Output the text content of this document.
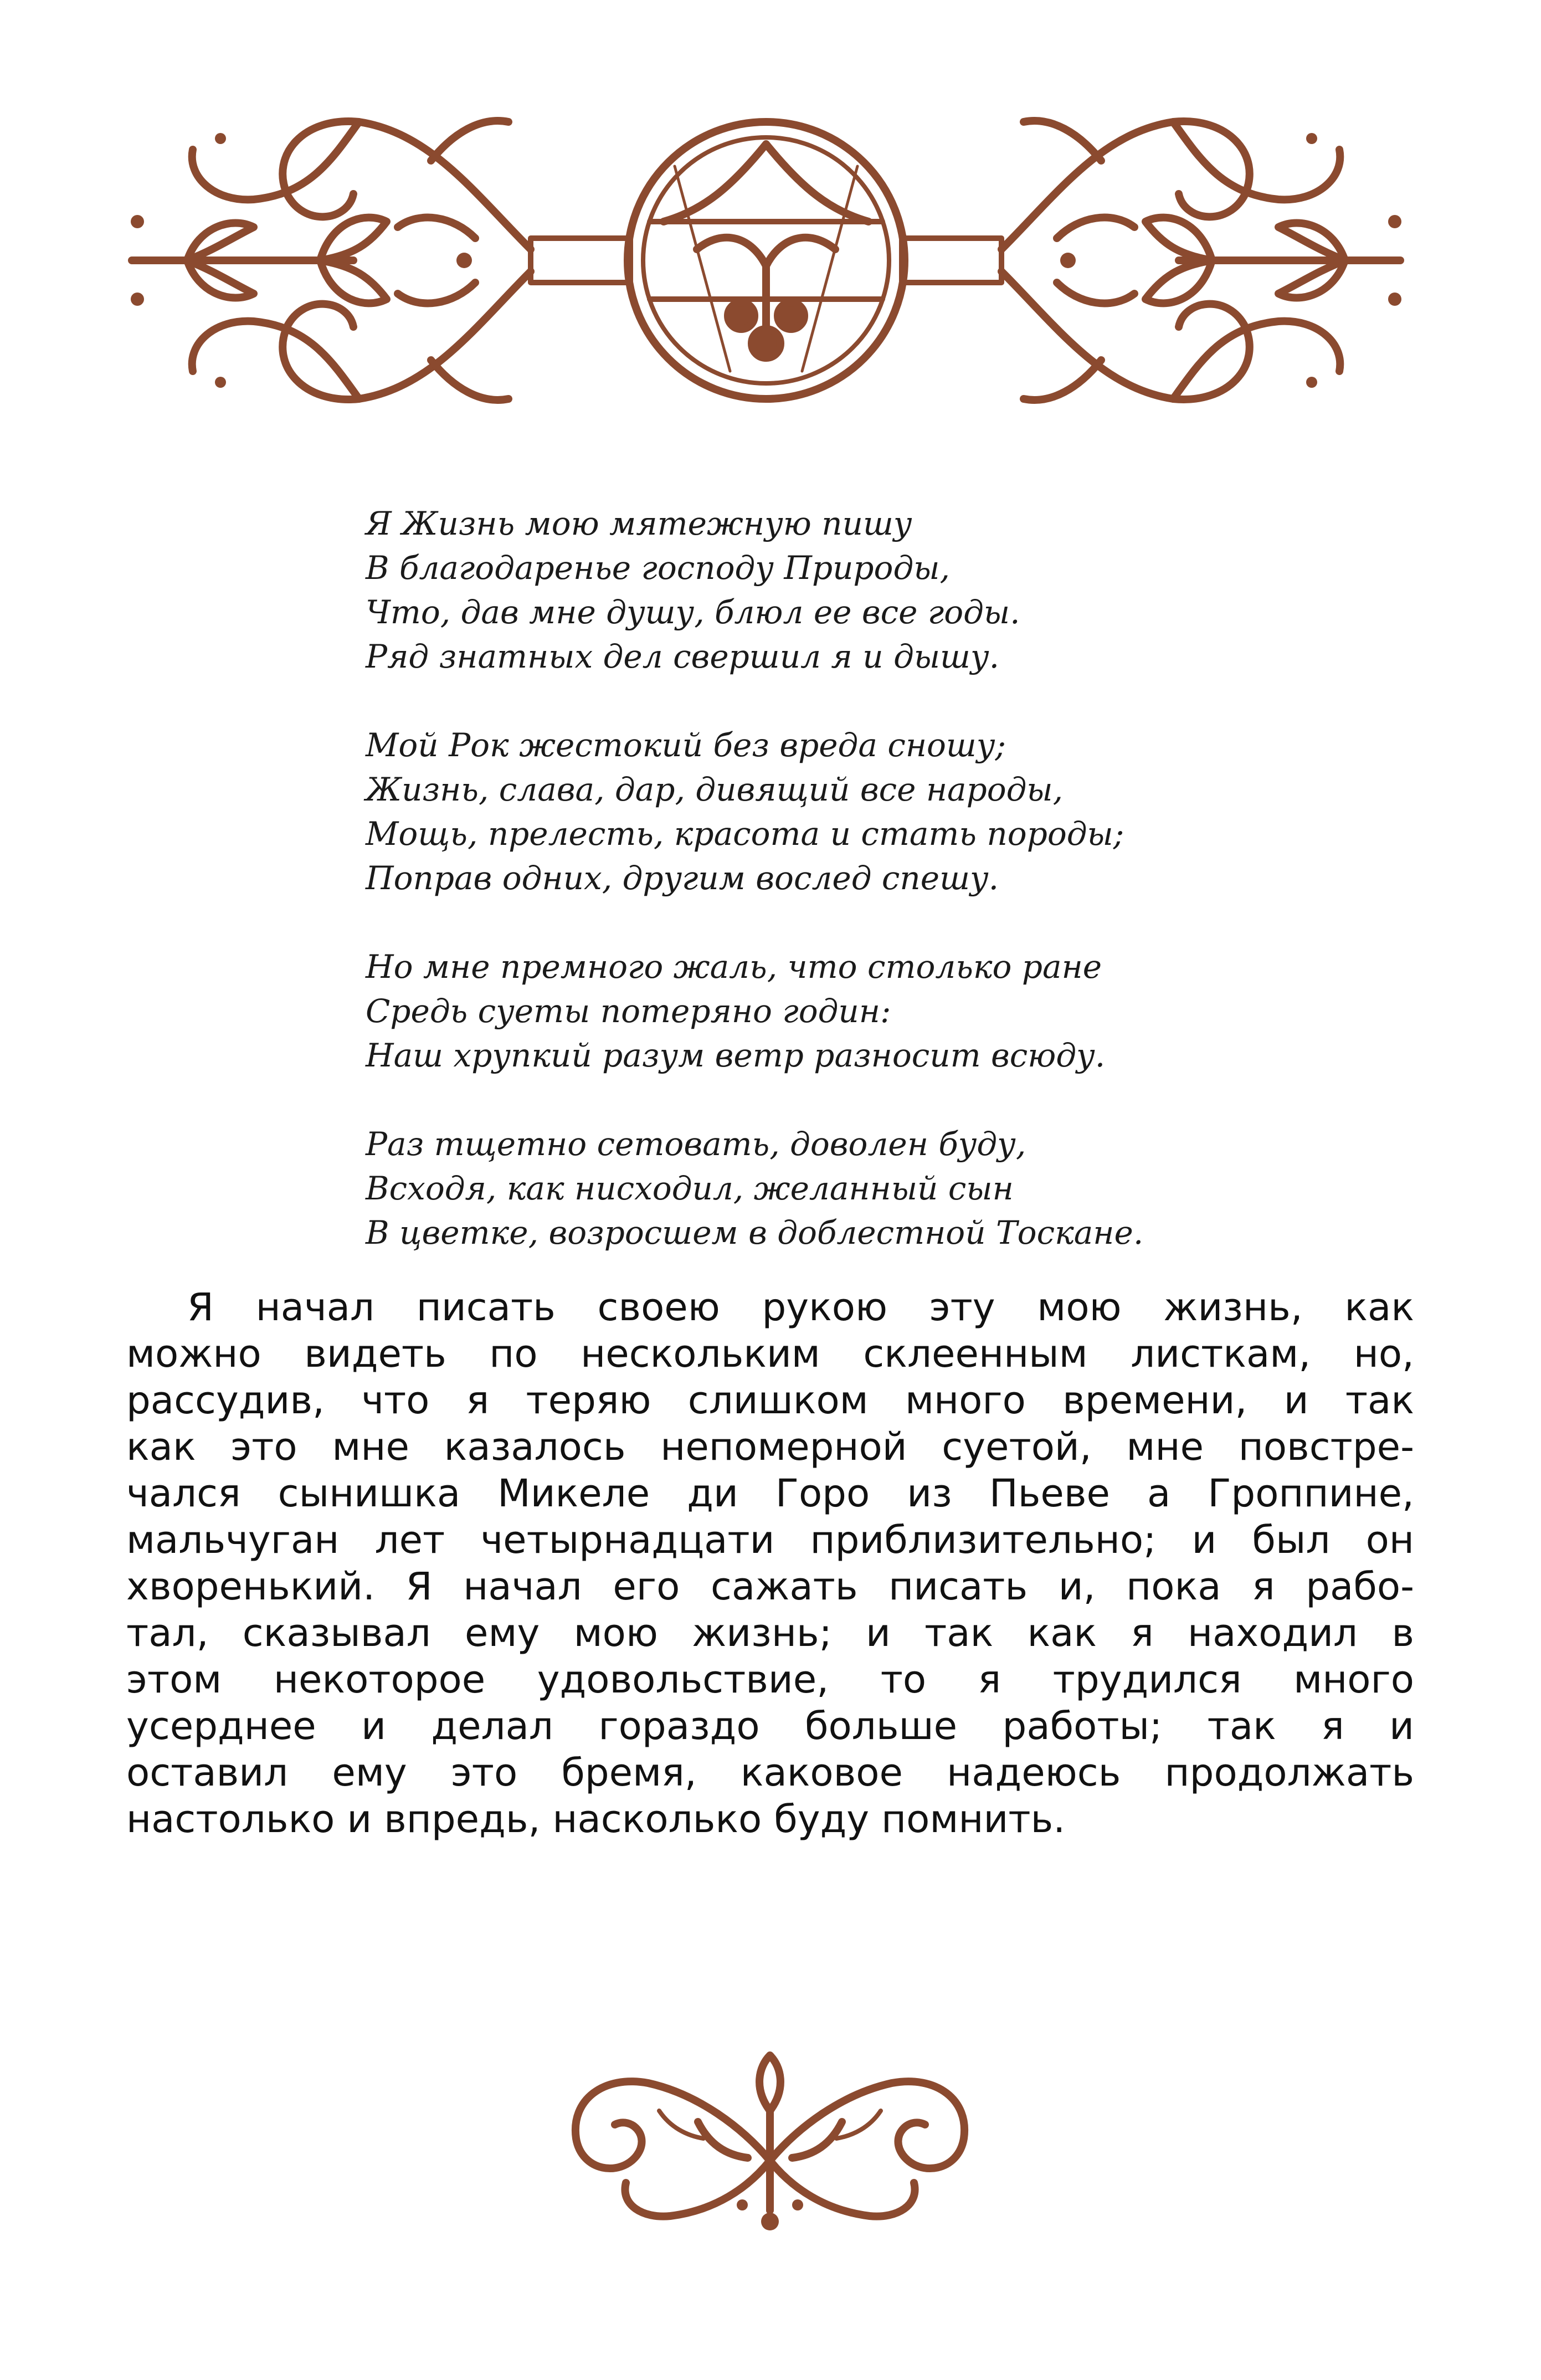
Я Жизнь мою мятежную пишу
В благодаренье господу Природы,
Что, дав мне душу, блюл ее все годы.
Ряд знатных дел свершил я и дышу.
Мой Рок жестокий без вреда сношу;
Жизнь, слава, дар, дивящий все народы,
Мощь, прелесть, красота и стать породы;
Поправ одних, другим вослед спешу.
Но мне премного жаль, что столько ране
Средь суеты потеряно годин:
Наш хрупкий разум ветр разносит всюду.
Раз тщетно сетовать, доволен буду,
Всходя, как нисходил, желанный сын
В цветке, возросшем в доблестной Тоскане.
Я начал писать своею рукою эту мою жизнь, как
можно видеть по нескольким склеенным листкам, но,
рассудив, что я теряю слишком много времени, и так
как это мне казалось непомерной суетой, мне повстре-
чался сынишка Микеле ди Горо из Пьеве а Гроппине,
мальчуган лет четырнадцати приблизительно; и был он
хворенький. Я начал его сажать писать и, пока я рабо-
тал, сказывал ему мою жизнь; и так как я находил в
этом некоторое удовольствие, то я трудился много
усерднее и делал гораздо больше работы; так я и
оставил ему это бремя, каковое надеюсь продолжать
настолько и впредь, насколько буду помнить.
